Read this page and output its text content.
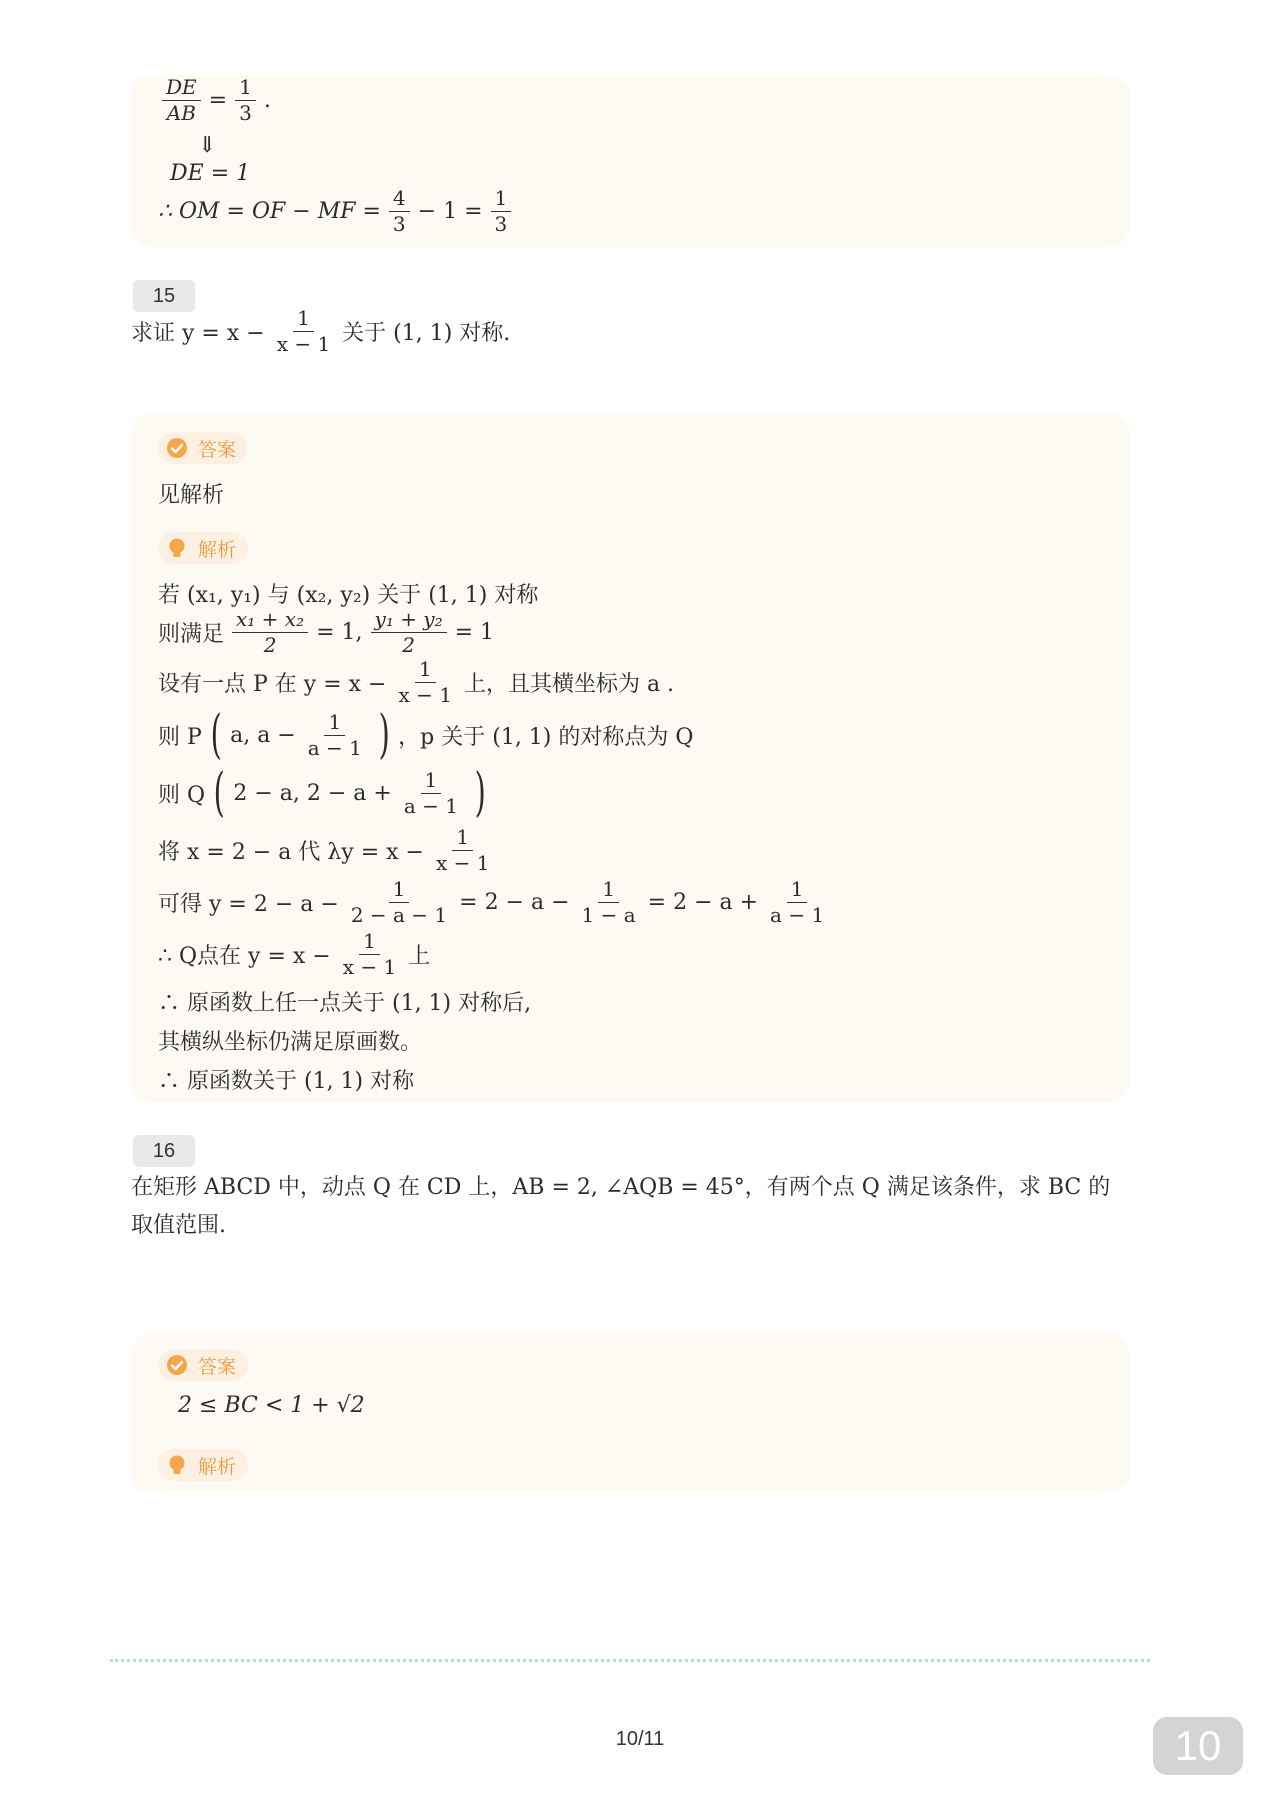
$\frac{DE}{AB} = \frac{1}{3}$ .
⇓
DE = 1
∴ OM = OF − MF = $\frac{4}{3} - 1 = \frac{1}{3}$
15
求证 $y = x - \frac{1}{x - 1}$ 关于 (1, 1) 对称.
答案
见解析
解析
若 (x₁, y₁) 与 (x₂, y₂) 关于 (1, 1) 对称
则满足 $\frac{\text{x₁ + x₂}}{2} = 1$, $\frac{\text{y₁ + y₂}}{2} = 1$
设有一点 P 在 $y = x - \frac{1}{x - 1}$ 上，且其横坐标为 a .
则 P ( a, $a - \frac{1}{a - 1}$ ) ，p 关于 (1, 1) 的对称点为 Q
则 Q ( 2 − a, $2 - a + \frac{1}{a - 1}$ )
将 x = 2 − a 代 $\lambda y = x - \frac{1}{x - 1}$
可得 $y = 2 - a - \frac{1}{2 - a - 1} = 2 - a - \frac{1}{1 - a} = 2 - a + \frac{1}{a - 1}$
∴ Q点在 $y = x - \frac{1}{x - 1}$ 上
∴ 原函数上任一点关于 (1, 1) 对称后,
其横纵坐标仍满足原画数。
∴ 原函数关于 (1, 1) 对称
16
在矩形 ABCD 中，动点 Q 在 CD 上，AB = 2, ∠AQB = 45°，有两个点 Q 满足该条件，求 BC 的
取值范围.
答案
2 ≤ BC < 1 + √2
解析
10/11	10
